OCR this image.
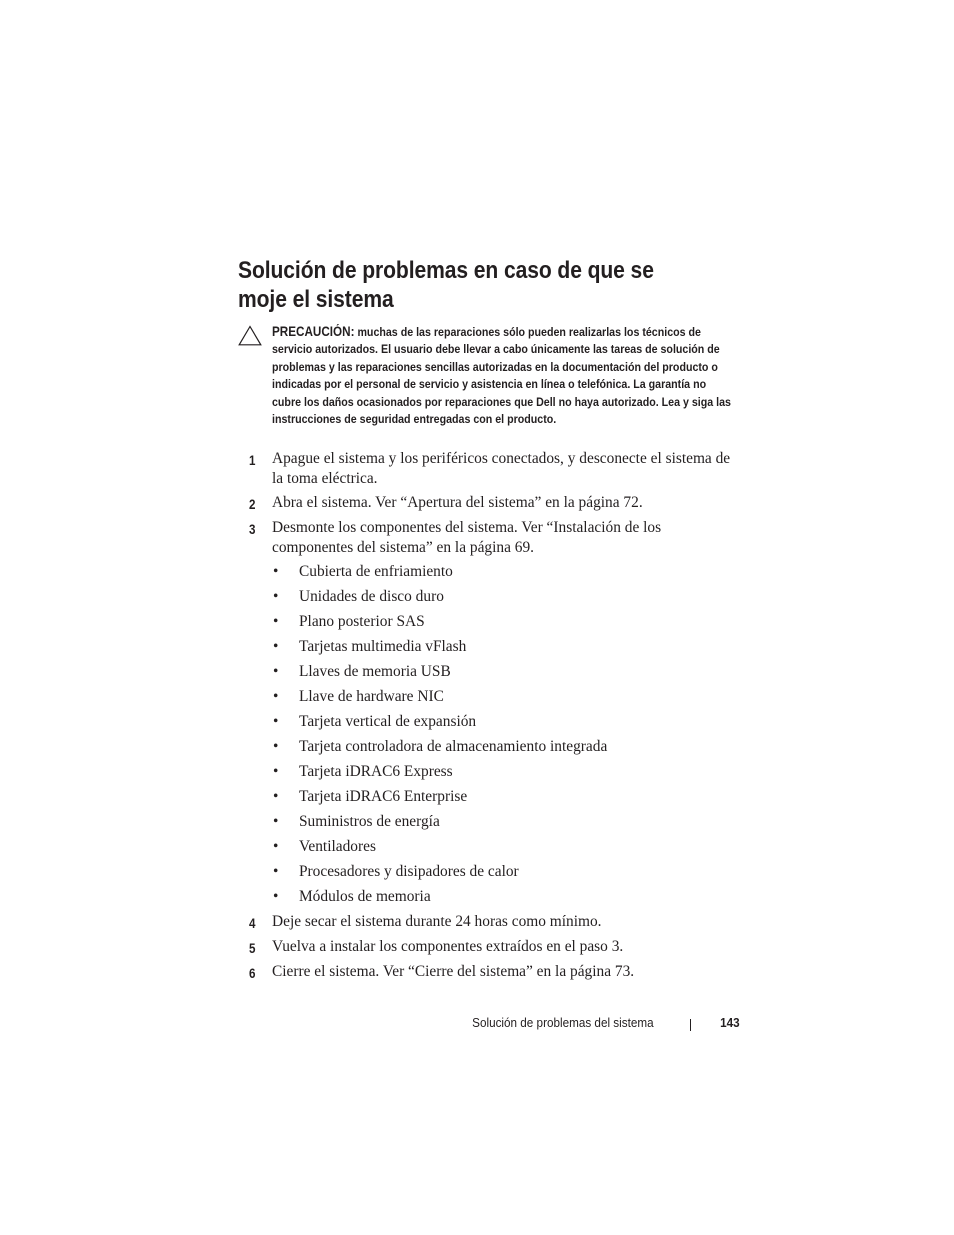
Solución de problemas en caso de que se moje el sistema
PRECAUCIÓN: muchas de las reparaciones sólo pueden realizarlas los técnicos de servicio autorizados. El usuario debe llevar a cabo únicamente las tareas de solución de problemas y las reparaciones sencillas autorizadas en la documentación del producto o indicadas por el personal de servicio y asistencia en línea o telefónica. La garantía no cubre los daños ocasionados por reparaciones que Dell no haya autorizado. Lea y siga las instrucciones de seguridad entregadas con el producto.
1 Apague el sistema y los periféricos conectados, y desconecte el sistema de la toma eléctrica.
2 Abra el sistema. Ver “Apertura del sistema” en la página 72.
3 Desmonte los componentes del sistema. Ver “Instalación de los componentes del sistema” en la página 69.
• Cubierta de enfriamiento
• Unidades de disco duro
• Plano posterior SAS
• Tarjetas multimedia vFlash
• Llaves de memoria USB
• Llave de hardware NIC
• Tarjeta vertical de expansión
• Tarjeta controladora de almacenamiento integrada
• Tarjeta iDRAC6 Express
• Tarjeta iDRAC6 Enterprise
• Suministros de energía
• Ventiladores
• Procesadores y disipadores de calor
• Módulos de memoria
4 Deje secar el sistema durante 24 horas como mínimo.
5 Vuelva a instalar los componentes extraídos en el paso 3.
6 Cierre el sistema. Ver “Cierre del sistema” en la página 73.
Solución de problemas del sistema	143
